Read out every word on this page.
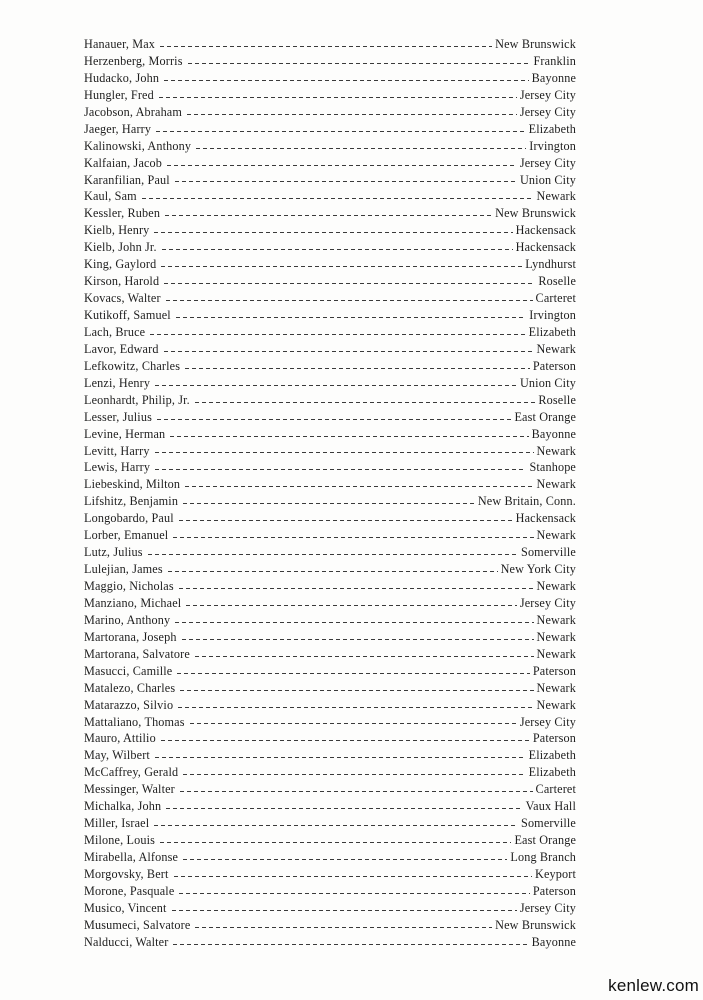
Hanauer, Max	New Brunswick
Herzenberg, Morris	Franklin
Hudacko, John	Bayonne
Hungler, Fred	Jersey City
Jacobson, Abraham	Jersey City
Jaeger, Harry	Elizabeth
Kalinowski, Anthony	Irvington
Kalfaian, Jacob	Jersey City
Karanfilian, Paul	Union City
Kaul, Sam	Newark
Kessler, Ruben	New Brunswick
Kielb, Henry	Hackensack
Kielb, John Jr.	Hackensack
King, Gaylord	Lyndhurst
Kirson, Harold	Roselle
Kovacs, Walter	Carteret
Kutikoff, Samuel	Irvington
Lach, Bruce	Elizabeth
Lavor, Edward	Newark
Lefkowitz, Charles	Paterson
Lenzi, Henry	Union City
Leonhardt, Philip, Jr.	Roselle
Lesser, Julius	East Orange
Levine, Herman	Bayonne
Levitt, Harry	Newark
Lewis, Harry	Stanhope
Liebeskind, Milton	Newark
Lifshitz, Benjamin	New Britain, Conn.
Longobardo, Paul	Hackensack
Lorber, Emanuel	Newark
Lutz, Julius	Somerville
Lulejian, James	New York City
Maggio, Nicholas	Newark
Manziano, Michael	Jersey City
Marino, Anthony	Newark
Martorana, Joseph	Newark
Martorana, Salvatore	Newark
Masucci, Camille	Paterson
Matalezo, Charles	Newark
Matarazzo, Silvio	Newark
Mattaliano, Thomas	Jersey City
Mauro, Attilio	Paterson
May, Wilbert	Elizabeth
McCaffrey, Gerald	Elizabeth
Messinger, Walter	Carteret
Michalka, John	Vaux Hall
Miller, Israel	Somerville
Milone, Louis	East Orange
Mirabella, Alfonse	Long Branch
Morgovsky, Bert	Keyport
Morone, Pasquale	Paterson
Musico, Vincent	Jersey City
Musumeci, Salvatore	New Brunswick
Nalducci, Walter	Bayonne
kenlew.com
